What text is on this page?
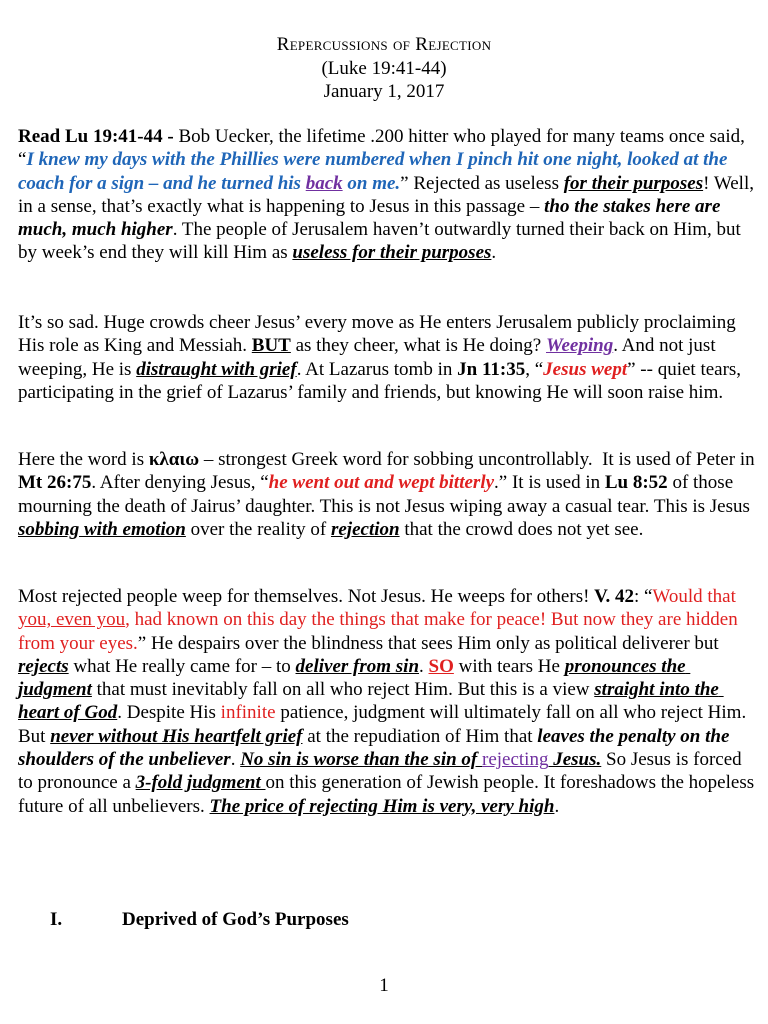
Repercussions of Rejection
(Luke 19:41-44)
January 1, 2017

Read Lu 19:41-44 - Bob Uecker, the lifetime .200 hitter who played for many teams once said, “I knew my days with the Phillies were numbered when I pinch hit one night, looked at the coach for a sign – and he turned his back on me.” Rejected as useless for their purposes! Well, in a sense, that’s exactly what is happening to Jesus in this passage – tho the stakes here are much, much higher. The people of Jerusalem haven’t outwardly turned their back on Him, but by week’s end they will kill Him as useless for their purposes.

It’s so sad. Huge crowds cheer Jesus’ every move as He enters Jerusalem publicly proclaiming His role as King and Messiah. BUT as they cheer, what is He doing? Weeping. And not just weeping, He is distraught with grief. At Lazarus tomb in Jn 11:35, “Jesus wept” -- quiet tears, participating in the grief of Lazarus’ family and friends, but knowing He will soon raise him.

Here the word is κλαιω – strongest Greek word for sobbing uncontrollably.  It is used of Peter in Mt 26:75. After denying Jesus, “he went out and wept bitterly.” It is used in Lu 8:52 of those mourning the death of Jairus’ daughter. This is not Jesus wiping away a casual tear. This is Jesus sobbing with emotion over the reality of rejection that the crowd does not yet see.

Most rejected people weep for themselves. Not Jesus. He weeps for others! V. 42: “Would that you, even you, had known on this day the things that make for peace! But now they are hidden from your eyes.” He despairs over the blindness that sees Him only as political deliverer but rejects what He really came for – to deliver from sin. SO with tears He pronounces the judgment that must inevitably fall on all who reject Him. But this is a view straight into the heart of God. Despite His infinite patience, judgment will ultimately fall on all who reject Him. But never without His heartfelt grief at the repudiation of Him that leaves the penalty on the shoulders of the unbeliever. No sin is worse than the sin of rejecting Jesus. So Jesus is forced to pronounce a 3-fold judgment on this generation of Jewish people. It foreshadows the hopeless future of all unbelievers. The price of rejecting Him is very, very high.

I.	Deprived of God’s Purposes
1
